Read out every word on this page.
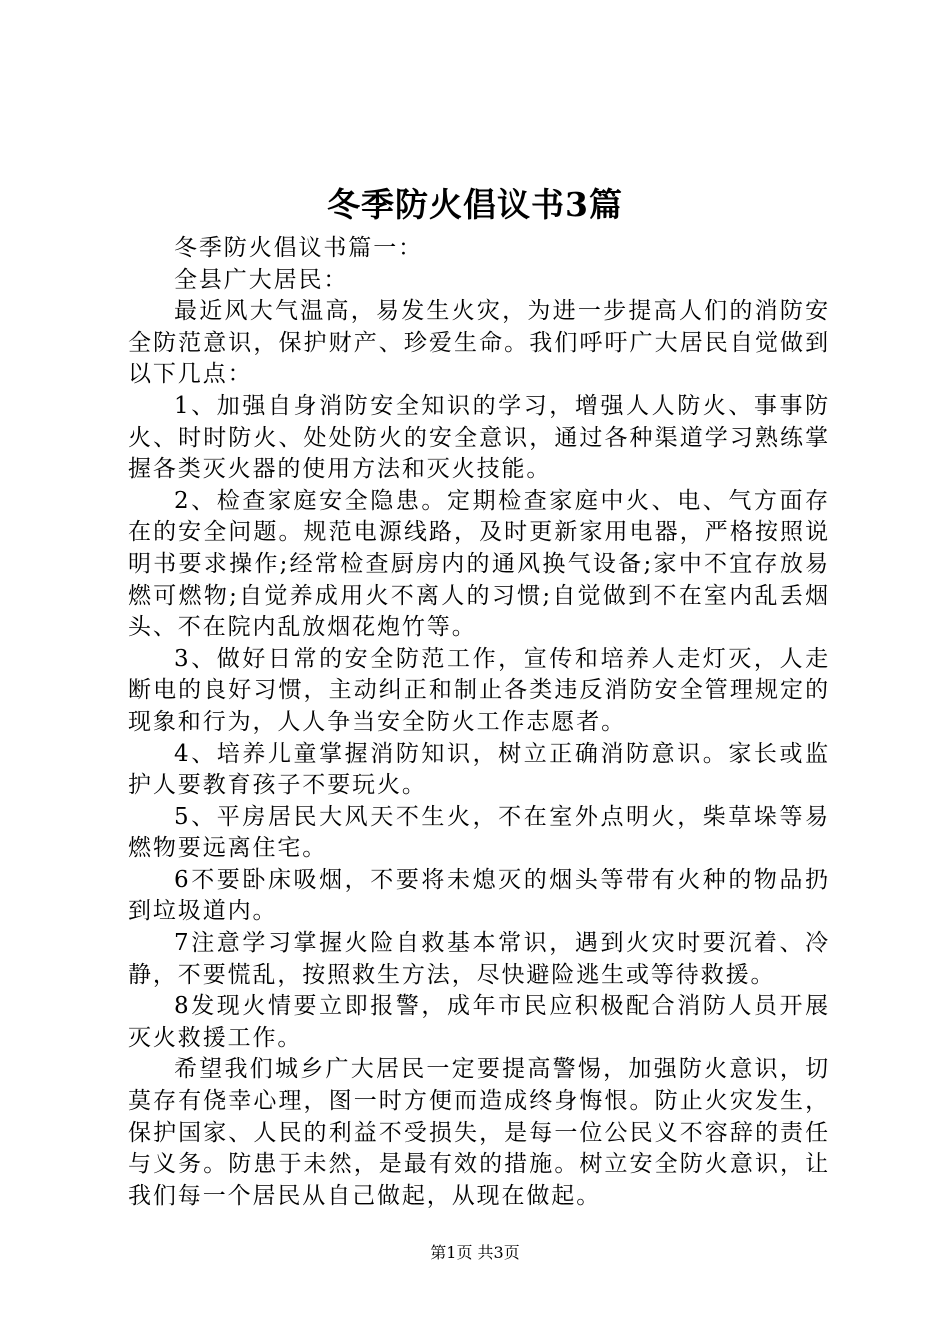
冬季防火倡议书3篇

冬季防火倡议书篇一：

全县广大居民：

最近风大气温高，易发生火灾，为进一步提高人们的消防安全防范意识，保护财产、珍爱生命。我们呼吁广大居民自觉做到以下几点：

1、加强自身消防安全知识的学习，增强人人防火、事事防火、时时防火、处处防火的安全意识，通过各种渠道学习熟练掌握各类灭火器的使用方法和灭火技能。

2、检查家庭安全隐患。定期检查家庭中火、电、气方面存在的安全问题。规范电源线路，及时更新家用电器，严格按照说明书要求操作;经常检查厨房内的通风换气设备;家中不宜存放易燃可燃物;自觉养成用火不离人的习惯;自觉做到不在室内乱丢烟头、不在院内乱放烟花炮竹等。

3、做好日常的安全防范工作，宣传和培养人走灯灭，人走断电的良好习惯，主动纠正和制止各类违反消防安全管理规定的现象和行为，人人争当安全防火工作志愿者。

4、培养儿童掌握消防知识，树立正确消防意识。家长或监护人要教育孩子不要玩火。

5、平房居民大风天不生火，不在室外点明火，柴草垛等易燃物要远离住宅。

6不要卧床吸烟，不要将未熄灭的烟头等带有火种的物品扔到垃圾道内。

7注意学习掌握火险自救基本常识，遇到火灾时要沉着、冷静，不要慌乱，按照救生方法，尽快避险逃生或等待救援。

8发现火情要立即报警，成年市民应积极配合消防人员开展灭火救援工作。

希望我们城乡广大居民一定要提高警惕，加强防火意识，切莫存有侥幸心理，图一时方便而造成终身悔恨。防止火灾发生，保护国家、人民的利益不受损失，是每一位公民义不容辞的责任与义务。防患于未然，是最有效的措施。树立安全防火意识，让我们每一个居民从自己做起，从现在做起。

第1页 共3页
